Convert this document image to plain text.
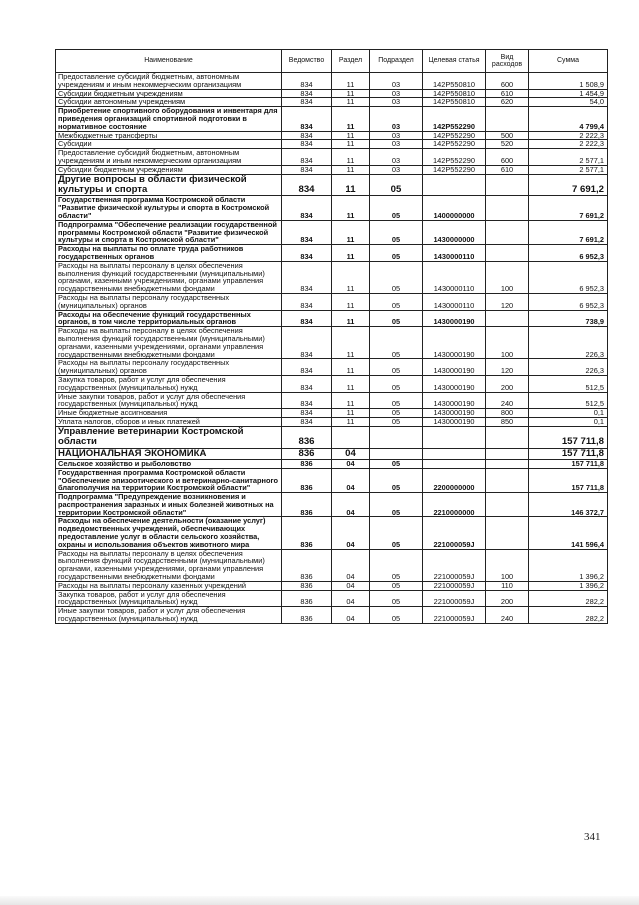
Наименование	Ведомство	Раздел	Подраздел	Целевая статья	Вид расходов	Сумма
Предоставление субсидий бюджетным, автономным учреждениям и иным некоммерческим организациям	834	11	03	142P550810	600	1 508,9
Субсидии бюджетным учреждениям	834	11	03	142P550810	610	1 454,9
Субсидии автономным учреждениям	834	11	03	142P550810	620	54,0
Приобретение спортивного оборудования и инвентаря для приведения организаций спортивной подготовки в нормативное состояние	834	11	03	142P552290		4 799,4
Межбюджетные трансферты	834	11	03	142P552290	500	2 222,3
Субсидии	834	11	03	142P552290	520	2 222,3
Предоставление субсидий бюджетным, автономным учреждениям и иным некоммерческим организациям	834	11	03	142P552290	600	2 577,1
Субсидии бюджетным учреждениям	834	11	03	142P552290	610	2 577,1
Другие вопросы в области физической культуры и спорта	834	11	05			7 691,2
Государственная программа Костромской области "Развитие физической культуры и спорта в Костромской области"	834	11	05	1400000000		7 691,2
Подпрограмма "Обеспечение реализации государственной программы Костромской области "Развитие физической культуры и спорта в Костромской области"	834	11	05	1430000000		7 691,2
Расходы на выплаты по оплате труда работников государственных органов	834	11	05	1430000110		6 952,3
Расходы на выплаты персоналу в целях обеспечения выполнения функций государственными (муниципальными) органами, казенными учреждениями, органами управления государственными внебюджетными фондами	834	11	05	1430000110	100	6 952,3
Расходы на выплаты персоналу государственных (муниципальных) органов	834	11	05	1430000110	120	6 952,3
Расходы на обеспечение функций государственных органов, в том числе территориальных органов	834	11	05	1430000190		738,9
Расходы на выплаты персоналу в целях обеспечения выполнения функций государственными (муниципальными) органами, казенными учреждениями, органами управления государственными внебюджетными фондами	834	11	05	1430000190	100	226,3
Расходы на выплаты персоналу государственных (муниципальных) органов	834	11	05	1430000190	120	226,3
Закупка товаров, работ и услуг для обеспечения государственных (муниципальных) нужд	834	11	05	1430000190	200	512,5
Иные закупки товаров, работ и услуг для обеспечения государственных (муниципальных) нужд	834	11	05	1430000190	240	512,5
Иные бюджетные ассигнования	834	11	05	1430000190	800	0,1
Уплата налогов, сборов и иных платежей	834	11	05	1430000190	850	0,1
Управление ветеринарии Костромской области	836					157 711,8
НАЦИОНАЛЬНАЯ ЭКОНОМИКА	836	04				157 711,8
Сельское хозяйство и рыболовство	836	04	05			157 711,8
Государственная программа Костромской области "Обеспечение эпизоотического и ветеринарно-санитарного благополучия на территории Костромской области"	836	04	05	2200000000		157 711,8
Подпрограмма "Предупреждение возникновения и распространения заразных и иных болезней животных на территории Костромской области"	836	04	05	2210000000		146 372,7
Расходы на обеспечение деятельности (оказание услуг) подведомственных учреждений, обеспечивающих предоставление услуг в области сельского хозяйства, охраны и использования объектов животного мира	836	04	05	221000059J		141 596,4
Расходы на выплаты персоналу в целях обеспечения выполнения функций государственными (муниципальными) органами, казенными учреждениями, органами управления государственными внебюджетными фондами	836	04	05	221000059J	100	1 396,2
Расходы на выплаты персоналу казенных учреждений	836	04	05	221000059J	110	1 396,2
Закупка товаров, работ и услуг для обеспечения государственных (муниципальных) нужд	836	04	05	221000059J	200	282,2
Иные закупки товаров, работ и услуг для обеспечения государственных (муниципальных) нужд	836	04	05	221000059J	240	282,2
341
